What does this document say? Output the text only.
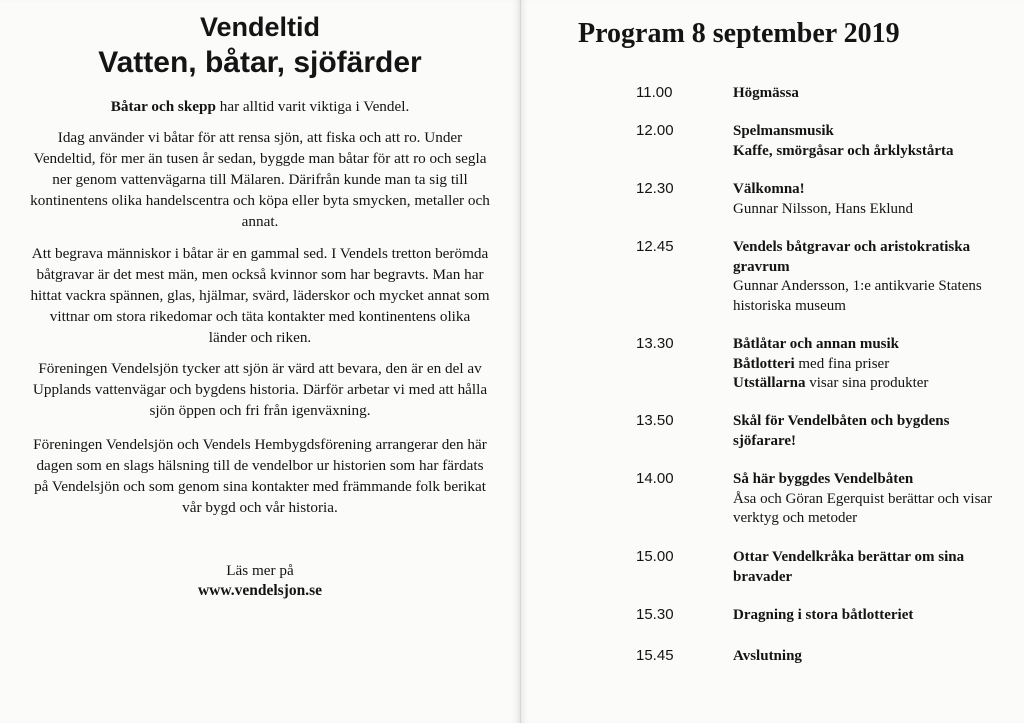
Vendeltid
Vatten, båtar, sjöfärder

Båtar och skepp har alltid varit viktiga i Vendel.

Idag använder vi båtar för att rensa sjön, att fiska och att ro. Under Vendeltid, för mer än tusen år sedan, byggde man båtar för att ro och segla ner genom vattenvägarna till Mälaren. Därifrån kunde man ta sig till kontinentens olika handelscentra och köpa eller byta smycken, metaller och annat.

Att begrava människor i båtar är en gammal sed. I Vendels tretton berömda båtgravar är det mest män, men också kvinnor som har begravts. Man har hittat vackra spännen, glas, hjälmar, svärd, läderskor och mycket annat som vittnar om stora rikedomar och täta kontakter med kontinentens olika länder och riken.

Föreningen Vendelsjön tycker att sjön är värd att bevara, den är en del av Upplands vattenvägar och bygdens historia. Därför arbetar vi med att hålla sjön öppen och fri från igenväxning.

Föreningen Vendelsjön och Vendels Hembygdsförening arrangerar den här dagen som en slags hälsning till de vendelbor ur historien som har färdats på Vendelsjön och som genom sina kontakter med främmande folk berikat vår bygd och vår historia.

Läs mer på

www.vendelsjon.se

Program 8 september 2019
11.00	Högmässa
12.00	Spelmansmusik
Kaffe, smörgåsar och årklykstårta
12.30	Välkomna!
Gunnar Nilsson, Hans Eklund
12.45	Vendels båtgravar och aristokratiska gravrum
Gunnar Andersson, 1:e antikvarie Statens historiska museum
13.30	Båtlåtar och annan musik
Båtlotteri med fina priser
Utställarna visar sina produkter
13.50	Skål för Vendelbåten och bygdens sjöfarare!
14.00	Så här byggdes Vendelbåten
Åsa och Göran Egerquist berättar och visar verktyg och metoder
15.00	Ottar Vendelkråka berättar om sina bravader
15.30	Dragning i stora båtlotteriet
15.45	Avslutning
